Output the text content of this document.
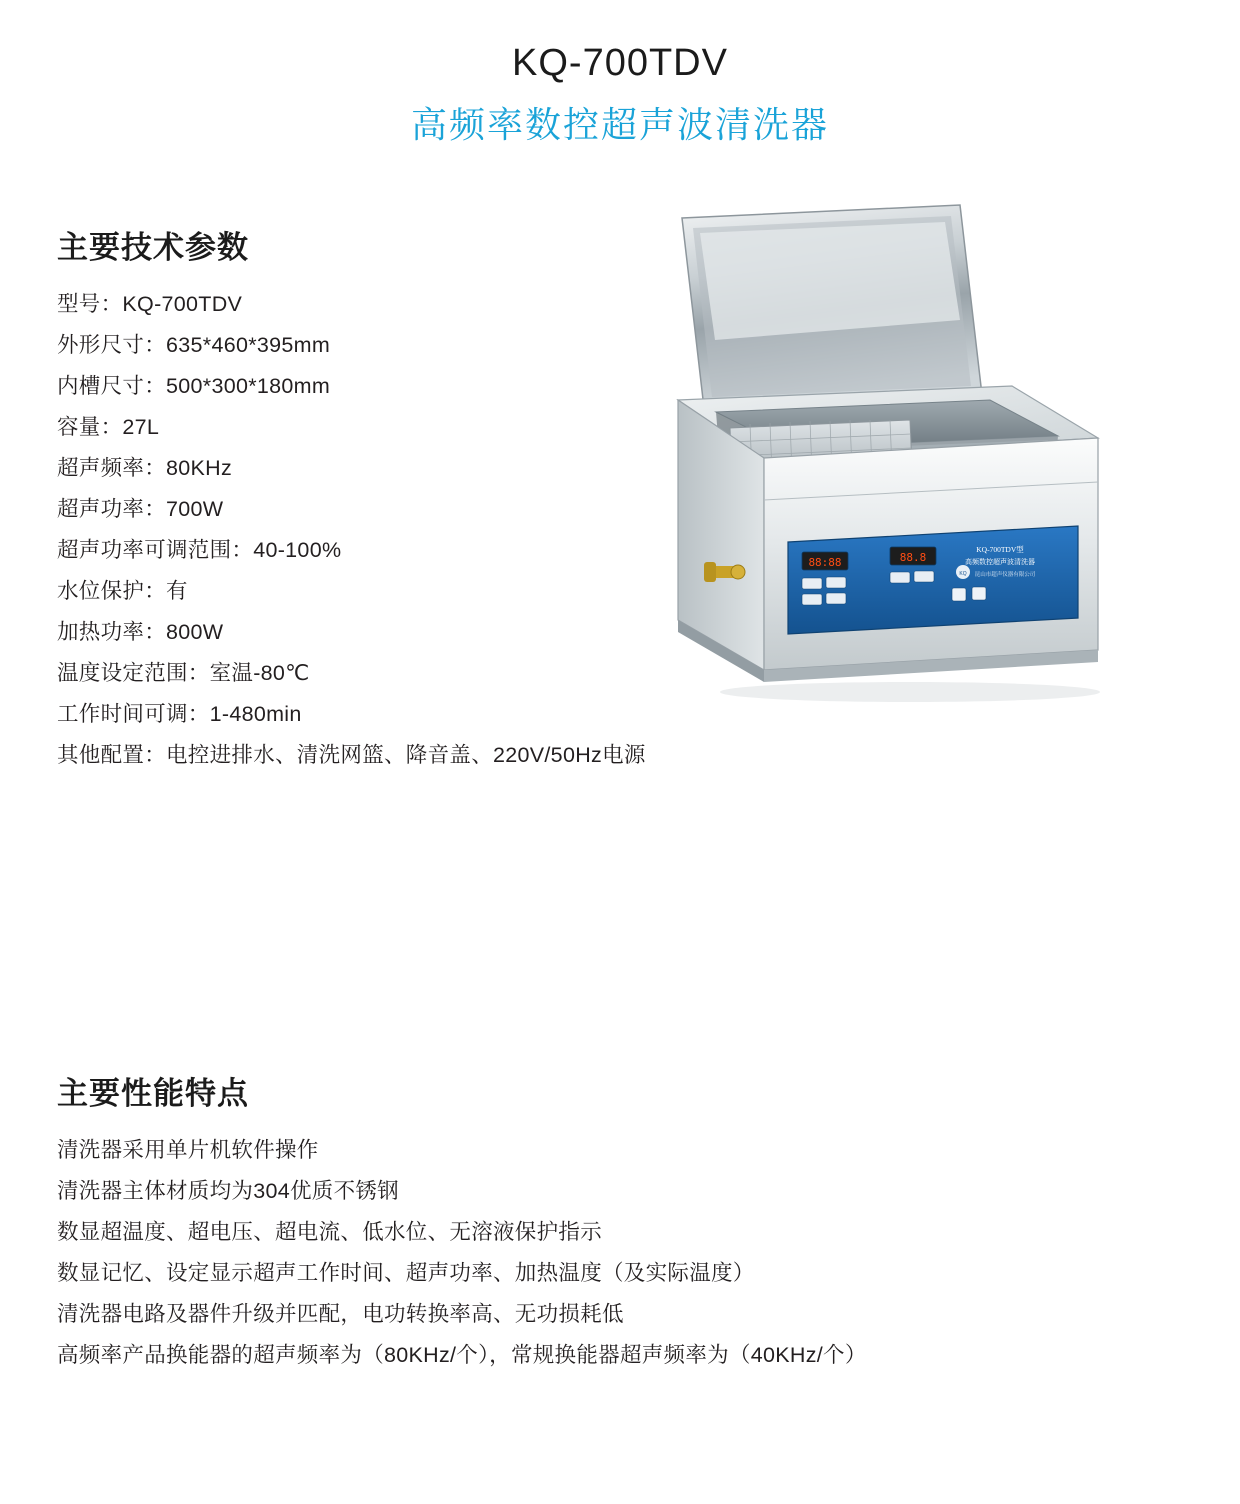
KQ-700TDV
高频率数控超声波清洗器
主要技术参数
型号：KQ-700TDV
外形尺寸：635*460*395mm
内槽尺寸：500*300*180mm
容量：27L
超声频率：80KHz
超声功率：700W
超声功率可调范围：40-100%
水位保护：有
加热功率：800W
温度设定范围：室温-80℃
工作时间可调：1-480min
其他配置：电控进排水、清洗网篮、降音盖、220V/50Hz电源
主要性能特点
清洗器采用单片机软件操作
清洗器主体材质均为304优质不锈钢
数显超温度、超电压、超电流、低水位、无溶液保护指示
数显记忆、设定显示超声工作时间、超声功率、加热温度（及实际温度）
清洗器电路及器件升级并匹配，电功转换率高、无功损耗低
高频率产品换能器的超声频率为（80KHz/个），常规换能器超声频率为（40KHz/个）
KQ-700TDV型
高频数控超声波清洗器
昆山市超声仪器有限公司
KQ
88:88	88.8
